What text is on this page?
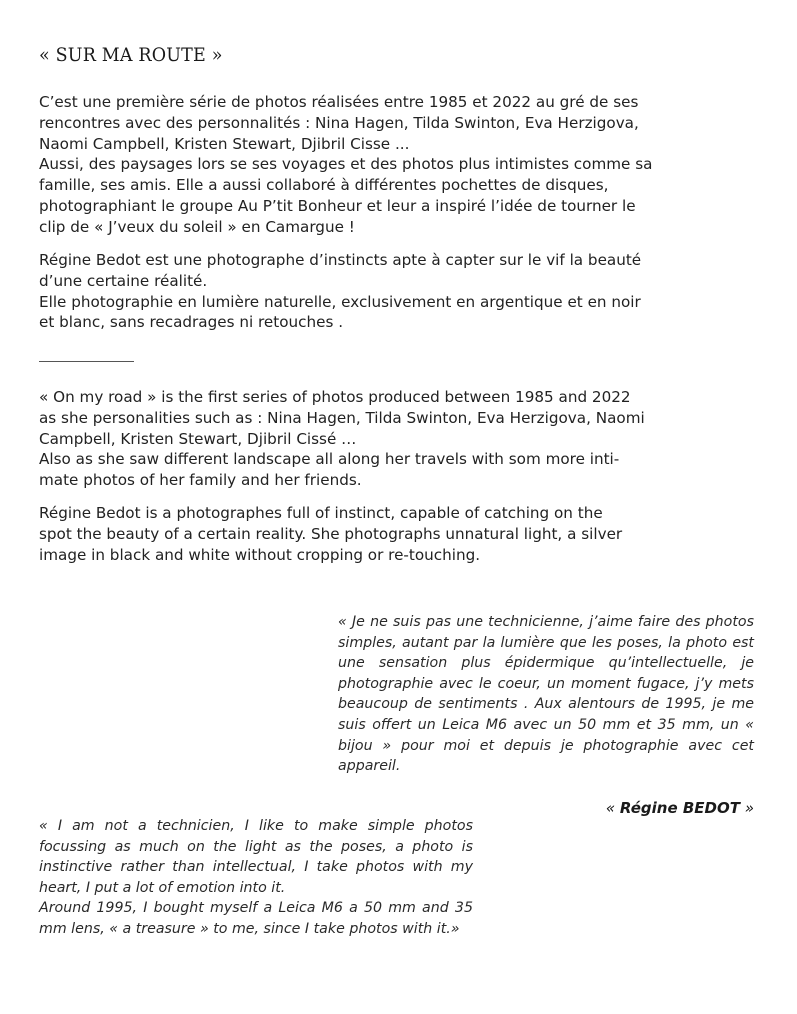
« SUR MA ROUTE »
C’est une première série de photos réalisées entre 1985 et 2022 au gré de ses
rencontres avec des personnalités : Nina Hagen, Tilda Swinton, Eva Herzigova,
Naomi Campbell, Kristen Stewart, Djibril Cisse ...
Aussi, des paysages lors se ses voyages et des photos plus intimistes comme sa
famille, ses amis. Elle a aussi collaboré à différentes pochettes de disques,
photographiant le groupe Au P’tit Bonheur et leur a inspiré l’idée de tourner le
clip de « J’veux du soleil » en Camargue !
Régine Bedot est une photographe d’instincts apte à capter sur le vif la beauté
d’une certaine réalité.
Elle photographie en lumière naturelle, exclusivement en argentique et en noir
et blanc, sans recadrages ni retouches .
« On my road » is the first series of photos produced between 1985 and 2022
as she personalities such as : Nina Hagen, Tilda Swinton, Eva Herzigova, Naomi
Campbell, Kristen Stewart, Djibril Cissé …
Also as she saw different landscape all along her travels with som more inti-
mate photos of her family and her friends.
Régine Bedot is a photographes full of instinct, capable of catching on the
spot the beauty of a certain reality. She photographs unnatural light, a silver
image in black and white without cropping or re-touching.
« Je ne suis pas une technicienne, j’aime faire des photos simples, autant par la lumière que les poses, la photo est une sensation plus épidermique qu’intellectuelle, je photographie avec le coeur, un moment fugace, j’y mets beaucoup de sentiments . Aux alentours de 1995, je me suis offert un Leica M6 avec un 50 mm et 35 mm, un « bijou » pour moi et depuis je photographie avec cet appareil.
« Régine BEDOT »
« I am not a technicien, I like to make simple photos focussing as much on the light as the poses, a photo is instinctive rather than intellectual, I take photos with my heart, I put a lot of emotion into it.
Around 1995, I bought myself a Leica M6 a 50 mm and 35 mm lens, « a treasure » to me, since I take photos with it.»
